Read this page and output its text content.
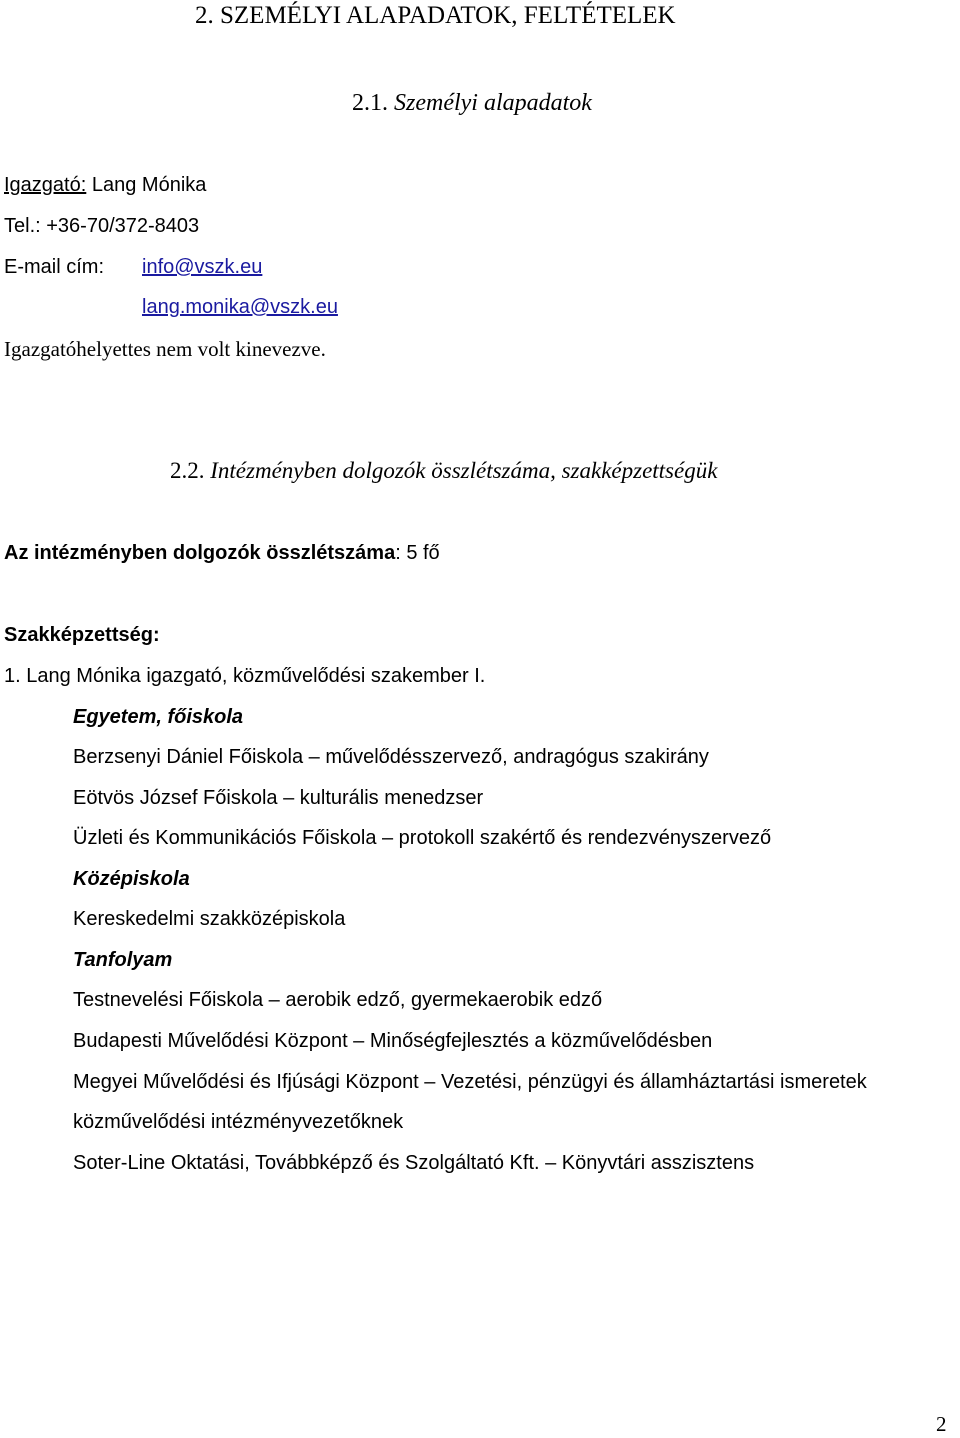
2. SZEMÉLYI ALAPADATOK, FELTÉTELEK
2.1. Személyi alapadatok
Igazgató: Lang Mónika
Tel.: +36-70/372-8403
E-mail cím: info@vszk.eu
lang.monika@vszk.eu
Igazgatóhelyettes nem volt kinevezve.
2.2. Intézményben dolgozók összlétszáma, szakképzettségük
Az intézményben dolgozók összlétszáma: 5 fő
Szakképzettség:
1. Lang Mónika igazgató, közművelődési szakember I.
Egyetem, főiskola
Berzsenyi Dániel Főiskola – művelődésszervező, andragógus szakirány
Eötvös József Főiskola – kulturális menedzser
Üzleti és Kommunikációs Főiskola – protokoll szakértő és rendezvényszervező
Középiskola
Kereskedelmi szakközépiskola
Tanfolyam
Testnevelési Főiskola – aerobik edző, gyermekaerobik edző
Budapesti Művelődési Központ – Minőségfejlesztés a közművelődésben
Megyei Művelődési és Ifjúsági Központ – Vezetési, pénzügyi és államháztartási ismeretek
közművelődési intézményvezetőknek
Soter-Line Oktatási, Továbbképző és Szolgáltató Kft. – Könyvtári asszisztens
2
